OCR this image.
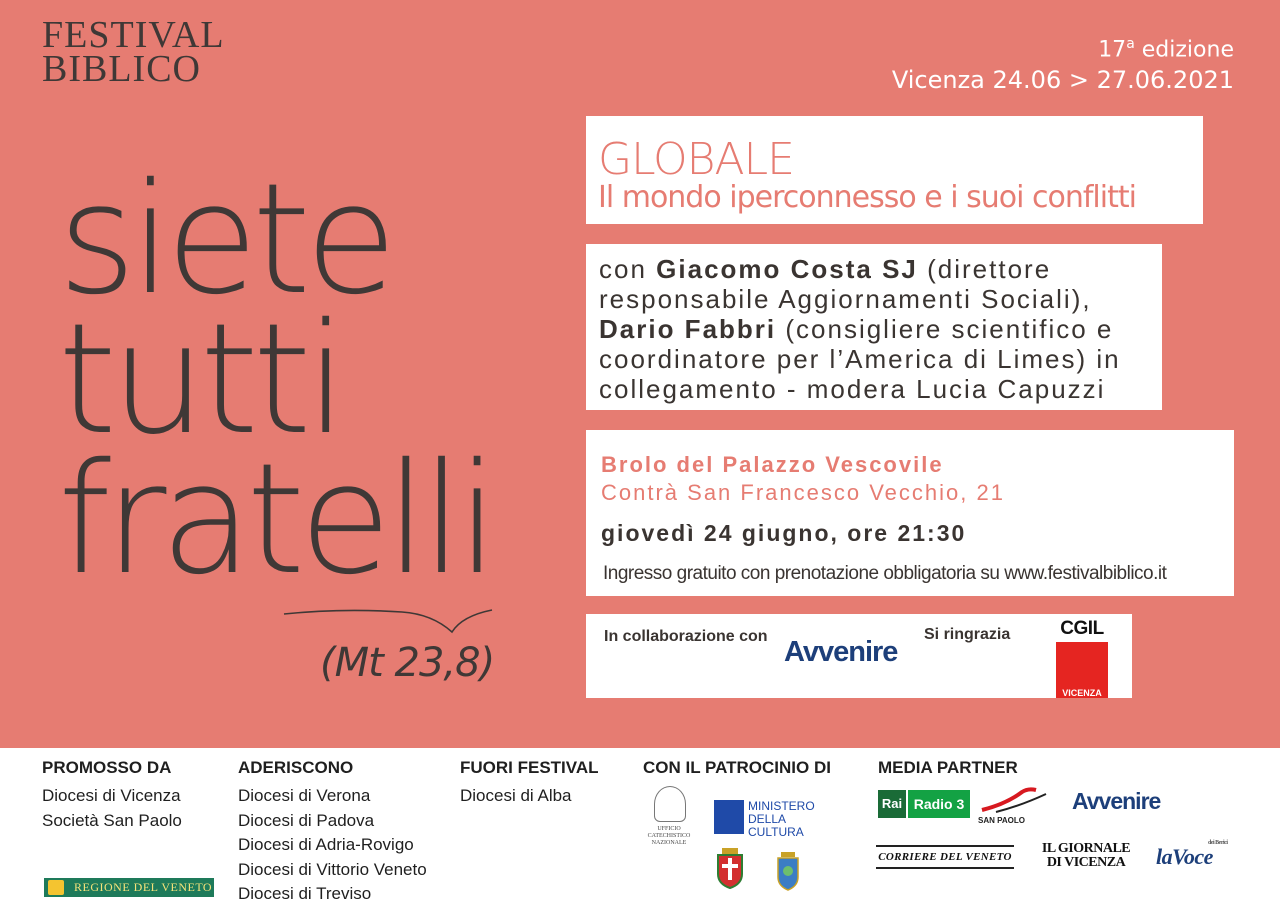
FESTIVAL
BIBLICO	17$^a$ edizione
Vicenza 24.06 > 27.06.2021
siete
tutti
fratelli
(Mt 23,8)
GLOBALE
Il mondo iperconnesso e i suoi conflitti

con Giacomo Costa SJ (direttore responsabile Aggiornamenti Sociali), Dario Fabbri (consigliere scientifico e coordinatore per l’America di Limes) in collegamento - modera Lucia Capuzzi

Brolo del Palazzo Vescovile
Contrà San Francesco Vecchio, 21
giovedì 24 giugno, ore 21:30
Ingresso gratuito con prenotazione obbligatoria su www.festivalbiblico.it
In collaborazione con Avvenire
Si ringrazia	CGIL
VICENZA
PROMOSSO DA
Diocesi di Vicenza
Società San Paolo
REGIONE DEL VENETO
ADERISCONO
Diocesi di Verona
Diocesi di Padova
Diocesi di Adria-Rovigo
Diocesi di Vittorio Veneto
Diocesi di Treviso
FUORI FESTIVAL
Diocesi di Alba
CON IL PATROCINIO DI
UFFICIO CATECHISTICO NAZIONALE
MINISTERO DELLA CULTURA
MEDIA PARTNER
Rai Radio 3
SAN PAOLO
Avvenire
CORRIERE DEL VENETO
IL GIORNALE DI VICENZA	laVoce
dei Berici
